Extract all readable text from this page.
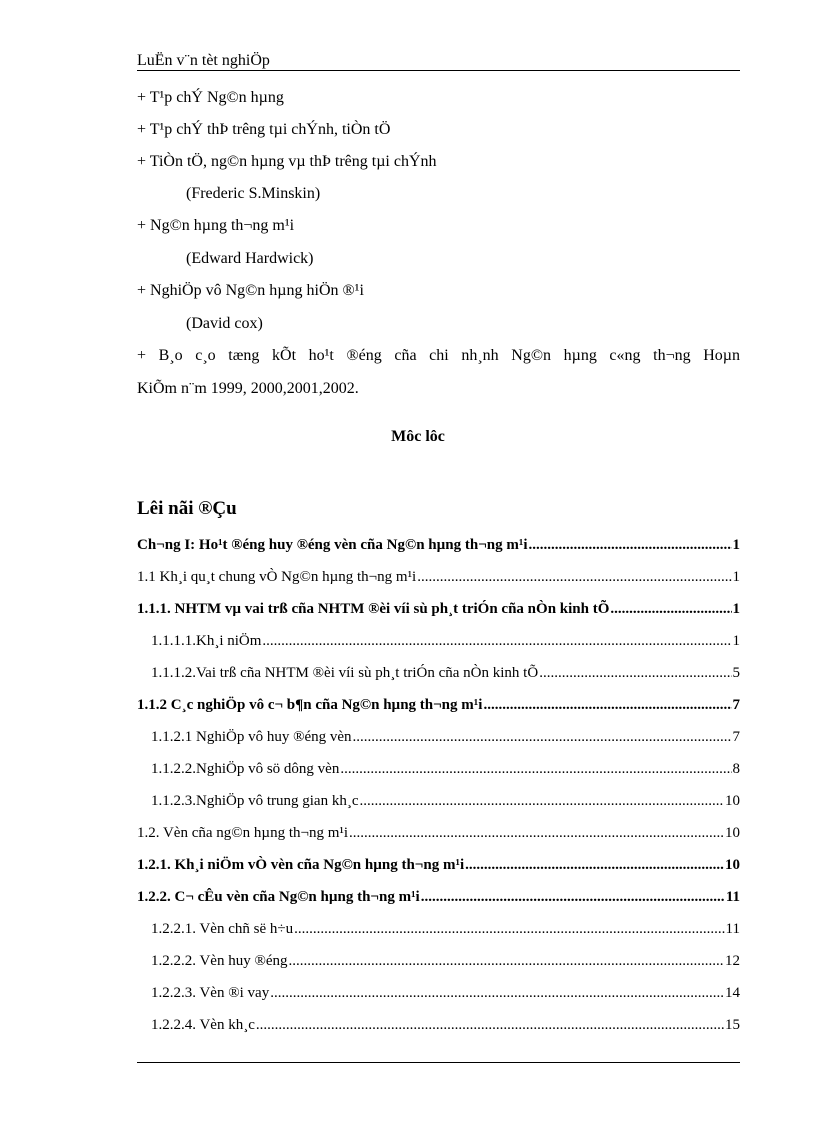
LuËn v¨n tèt nghiÖp
+ T¹p chÝ Ng©n hµng
+ T¹p chÝ thÞ trêng tµi chÝnh, tiÒn tÖ
+ TiÒn tÖ, ng©n hµng vµ thÞ trêng tµi chÝnh
(Frederic S.Minskin)
+ Ng©n hµng th¬ng m¹i
(Edward Hardwick)
+ NghiÖp vô Ng©n hµng hiÖn ®¹i
(David cox)
+ B¸o c¸o tæng kÕt ho¹t ®éng cña chi nh¸nh Ng©n hµng c«ng th¬ng Hoµn
KiÕm n¨m 1999, 2000,2001,2002.
Môc lôc
Lêi nãi ®Çu
Ch¬ng I: Ho¹t ®éng huy ®éng vèn cña Ng©n hµng th¬ng m¹i .....	1
1.1 Kh¸i qu¸t chung vÒ Ng©n hµng th¬ng m¹i .....	1
1.1.1. NHTM vµ vai trß cña NHTM ®èi víi sù ph¸t triÓn cña nÒn kinh tÕ .....	1
1.1.1.1.Kh¸i niÖm .....	1
1.1.1.2.Vai trß cña NHTM ®èi víi sù ph¸t triÓn cña nÒn kinh tÕ .....	5
1.1.2 C¸c nghiÖp vô c¬ b¶n cña Ng©n hµng th¬ng m¹i .....	7
1.1.2.1 NghiÖp vô huy ®éng vèn .....	7
1.1.2.2.NghiÖp vô sö dông vèn .....	8
1.1.2.3.NghiÖp vô trung gian kh¸c .....	10
1.2. Vèn cña ng©n hµng th¬ng m¹i .....	10
1.2.1. Kh¸i niÖm vÒ vèn cña Ng©n hµng th¬ng m¹i .....	10
1.2.2. C¬ cÊu vèn cña Ng©n hµng th¬ng m¹i .....	11
1.2.2.1. Vèn chñ së h÷u .....	11
1.2.2.2. Vèn huy ®éng .....	12
1.2.2.3. Vèn ®i vay .....	14
1.2.2.4. Vèn kh¸c .....	15
